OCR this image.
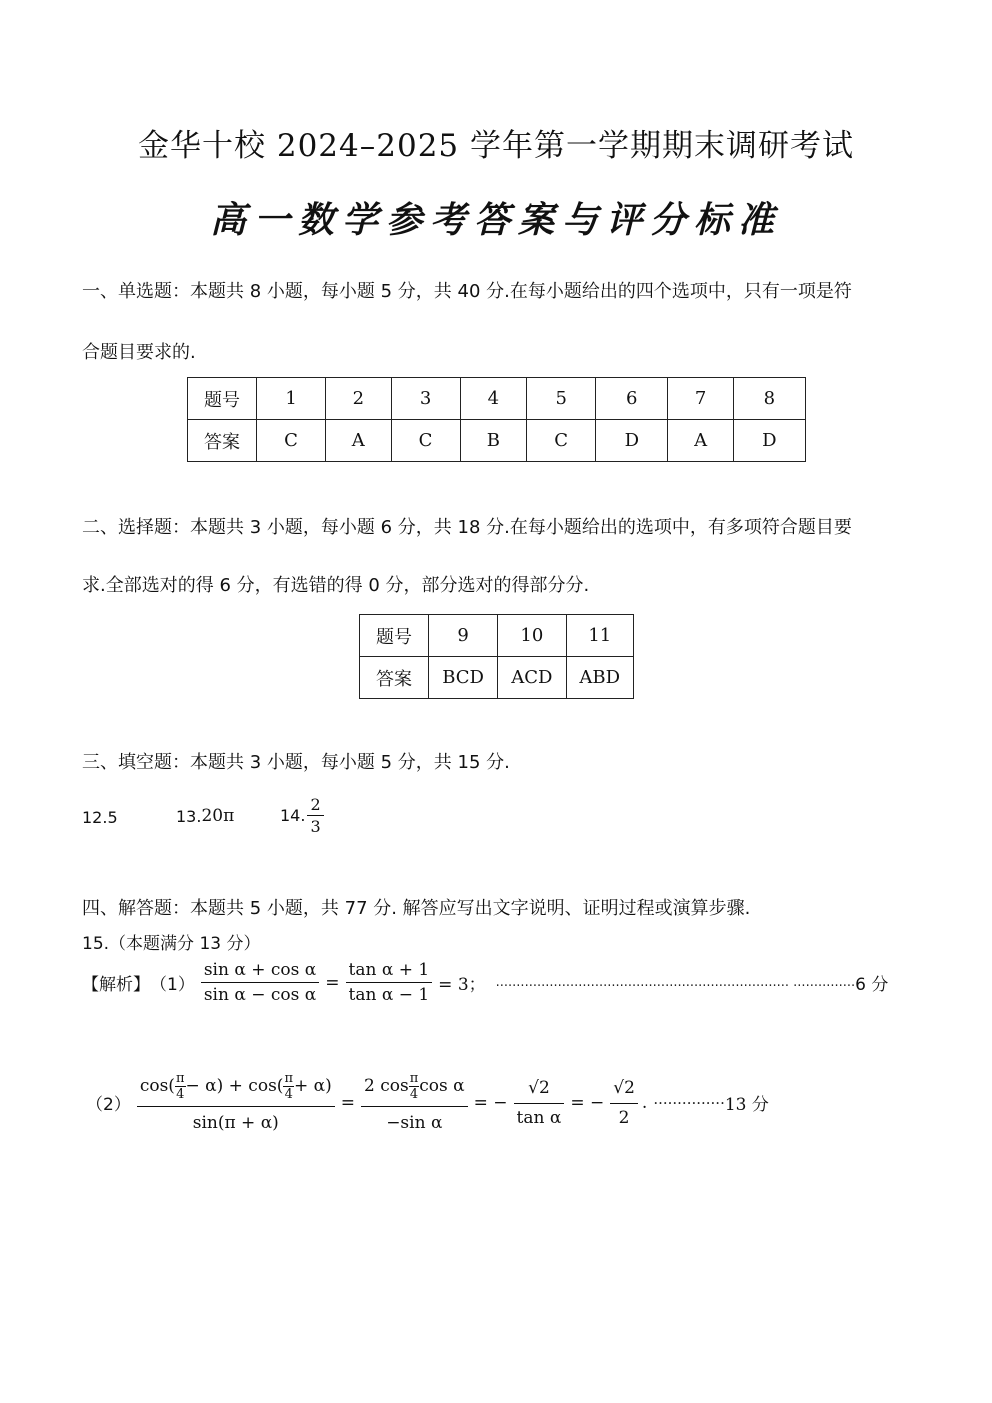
金华十校 2024–2025 学年第一学期期末调研考试
高一数学参考答案与评分标准
一、单选题：本题共 8 小题，每小题 5 分，共 40 分.在每小题给出的四个选项中，只有一项是符
合题目要求的.
题号	1	2	3	4	5	6	7	8
答案	C	A	C	B	C	D	A	D
二、选择题：本题共 3 小题，每小题 6 分，共 18 分.在每小题给出的选项中，有多项符合题目要
求.全部选对的得 6 分，有选错的得 0 分，部分选对的得部分分.
题号	9	10	11
答案	BCD	ACD	ABD
三、填空题：本题共 3 小题，每小题 5 分，共 15 分.
12.5	13. 20π	14. $\frac{2}{3}$
四、解答题：本题共 5 小题，共 77 分. 解答应写出文字说明、证明过程或演算步骤.
15.（本题满分 13 分）
【解析】 $(1) \frac{\text{sin α + cos α}}{\text{sin α − cos α}} = \frac{\text{tan α + 1}}{\text{tan α − 1}} = 3$； ....................................................................... ............... 6 分
$(2) \frac{\cos( \frac{\pi}{4} - \alpha) + \cos( \frac{\pi}{4} + \alpha)}{\sin(\pi + \alpha)} = \frac{2 \cos \frac{\pi}{4} \cos \alpha}{\text{−sin α}}$ = − $\frac{√2}{\text{tan α}}$ = − $\frac{√2}{2}$ . ··············· 13 分
